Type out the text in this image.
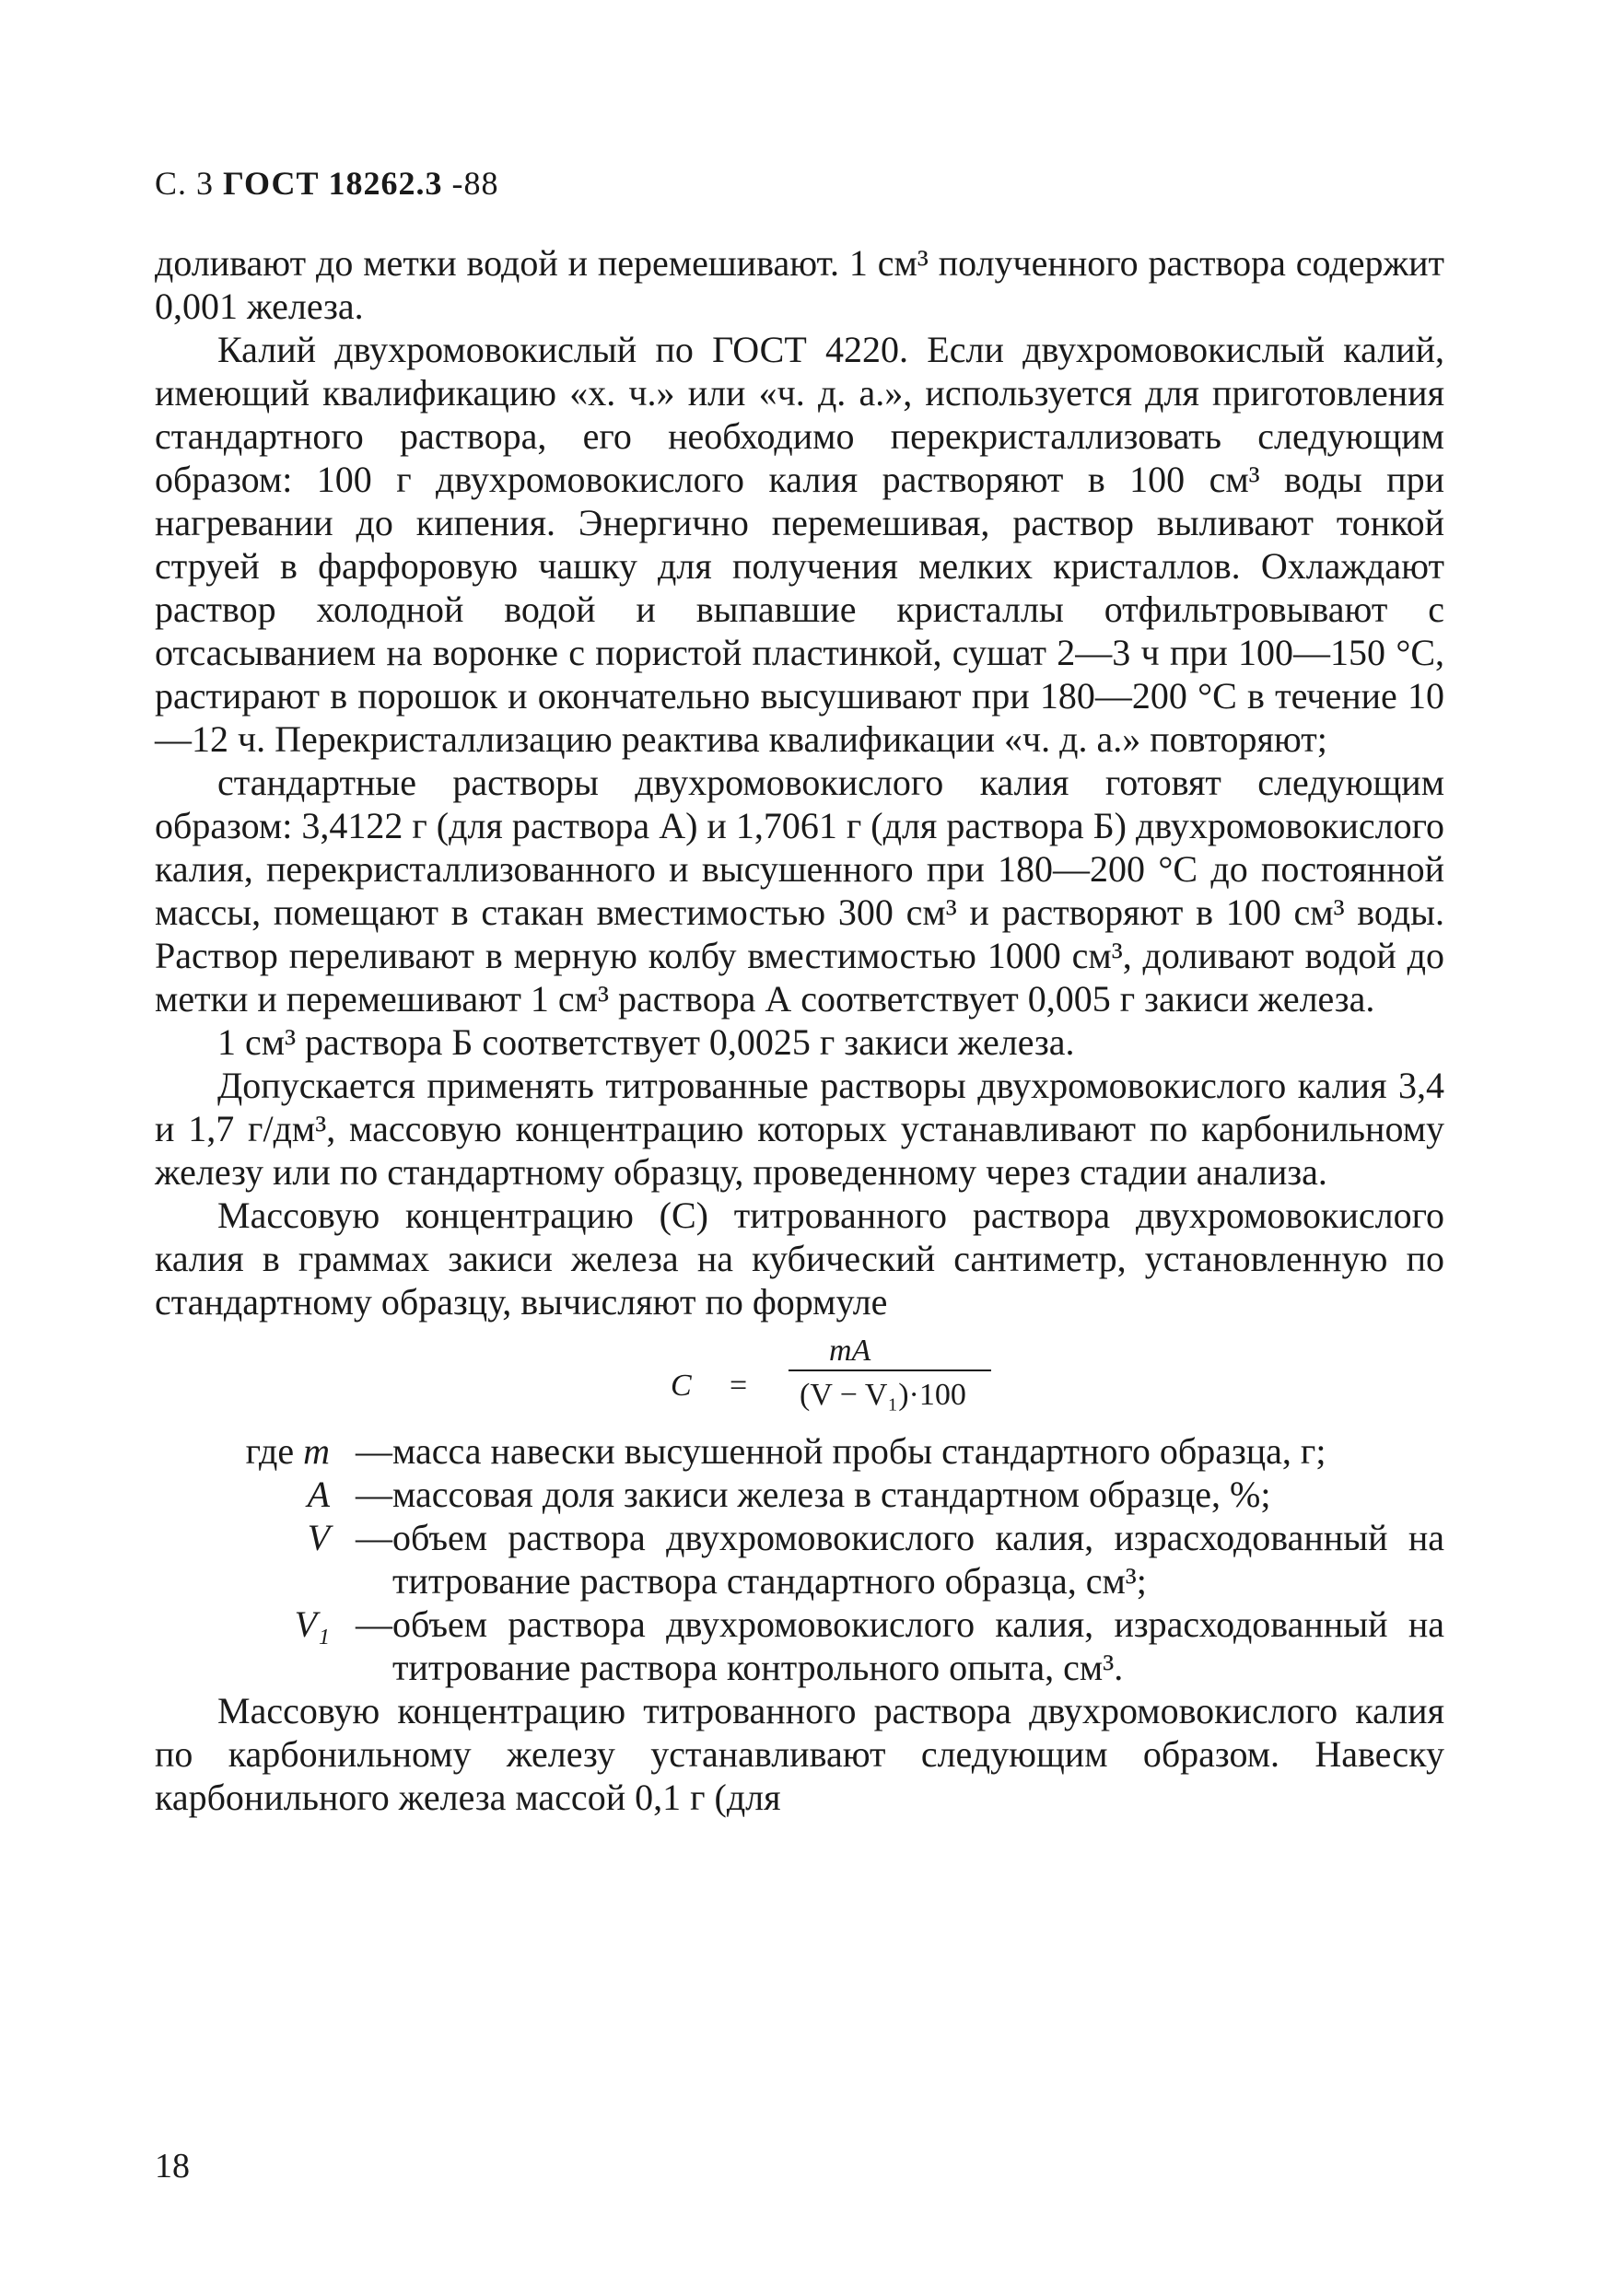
С. 3 ГОСТ 18262.3 -88

доливают до метки водой и перемешивают. 1 см³ полученного раствора содержит 0,001 железа.

Калий двухромовокислый по ГОСТ 4220. Если двухромовокислый калий, имеющий квалификацию «х. ч.» или «ч. д. а.», используется для приготовления стандартного раствора, его необходимо перекристаллизовать следующим образом: 100 г двухромовокислого калия растворяют в 100 см³ воды при нагревании до кипения. Энергично перемешивая, раствор выливают тонкой струей в фарфоровую чашку для получения мелких кристаллов. Охлаждают раствор холодной водой и выпавшие кристаллы отфильтровывают с отсасыванием на воронке с пористой пластинкой, сушат 2—3 ч при 100—150 °С, растирают в порошок и окончательно высушивают при 180—200 °С в течение 10—12 ч. Перекристаллизацию реактива квалификации «ч. д. а.» повторяют;

стандартные растворы двухромовокислого калия готовят следующим образом: 3,4122 г (для раствора А) и 1,7061 г (для раствора Б) двухромовокислого калия, перекристаллизованного и высушенного при 180—200 °С до постоянной массы, помещают в стакан вместимостью 300 см³ и растворяют в 100 см³ воды. Раствор переливают в мерную колбу вместимостью 1000 см³, доливают водой до метки и перемешивают 1 см³ раствора А соответствует 0,005 г закиси железа.

1 см³ раствора Б соответствует 0,0025 г закиси железа.

Допускается применять титрованные растворы двухромовокислого калия 3,4 и 1,7 г/дм³, массовую концентрацию которых устанавливают по карбонильному железу или по стандартному образцу, проведенному через стадии анализа.

Массовую концентрацию (С) титрованного раствора двухромовокислого калия в граммах закиси железа на кубический сантиметр, установленную по стандартному образцу, вычисляют по формуле

C =
mA
(V − V₁)·100
где m — масса навески высушенной пробы стандартного образца, г;
A — массовая доля закиси железа в стандартном образце, %;
V — объем раствора двухромовокислого калия, израсходованный на титрование раствора стандартного образца, см³;
V₁ — объем раствора двухромовокислого калия, израсходованный на титрование раствора контрольного опыта, см³.

Массовую концентрацию титрованного раствора двухромовокислого калия по карбонильному железу устанавливают следующим образом. Навеску карбонильного железа массой 0,1 г (для

18
